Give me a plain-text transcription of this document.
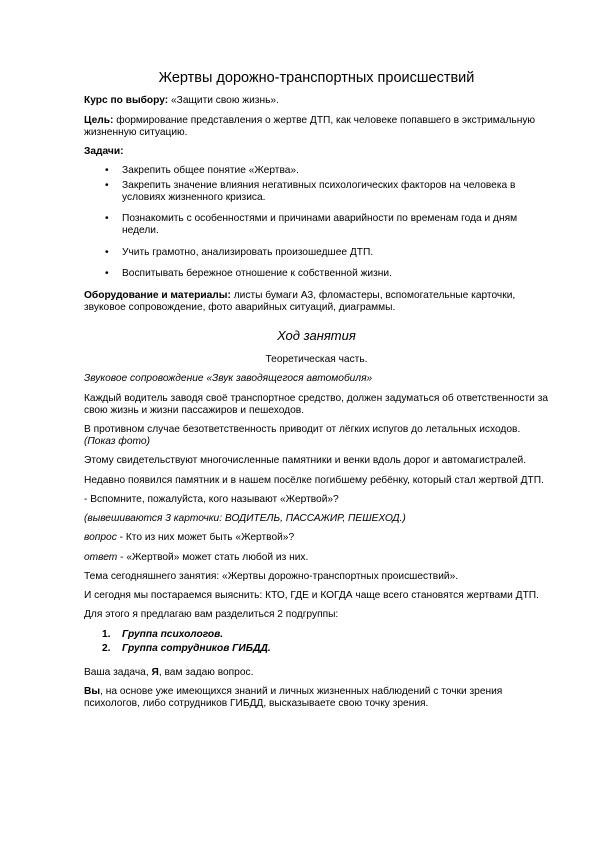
Жертвы дорожно-транспортных происшествий

Курс по выбору: «Защити свою жизнь».

Цель: формирование представления о жертве ДТП, как человеке попавшего в экстримальную жизненную ситуацию.

Задачи:

• Закрепить общее понятие «Жертва».
• Закрепить значение влияния негативных психологических факторов на человека в условиях жизненного кризиса.
• Познакомить с особенностями и причинами аварийности по временам года и дням недели.
• Учить грамотно, анализировать произошедшее ДТП.
• Воспитывать бережное отношение к собственной жизни.

Оборудование и материалы: листы бумаги А3, фломастеры, вспомогательные карточки, звуковое сопровождение, фото аварийных ситуаций, диаграммы.

Ход занятия

Теоретическая часть.

Звуковое сопровождение «Звук заводящегося автомобиля»

Каждый водитель заводя своё транспортное средство, должен задуматься об ответственности за свою жизнь и жизни пассажиров и пешеходов.

В противном случае безответственность приводит от лёгких испугов до летальных исходов. (Показ фото)

Этому свидетельствуют многочисленные памятники и венки вдоль дорог и автомагистралей.

Недавно появился памятник и в нашем посёлке погибшему ребёнку, который стал жертвой ДТП.

- Вспомните, пожалуйста, кого называют «Жертвой»?

(вывешиваются 3 карточки: ВОДИТЕЛЬ, ПАССАЖИР, ПЕШЕХОД.)

вопрос - Кто из них может быть «Жертвой»?

ответ - «Жертвой» может стать любой из них.

Тема сегодняшнего занятия: «Жертвы дорожно-транспортных происшествий».

И сегодня мы постараемся выяснить: КТО, ГДЕ и КОГДА чаще всего становятся жертвами ДТП.

Для этого я предлагаю вам разделиться 2 подгруппы:

1. Группа психологов.
2. Группа сотрудников ГИБДД.

Ваша задача, Я, вам задаю вопрос.

Вы, на основе уже имеющихся знаний и личных жизненных наблюдений с точки зрения психологов, либо сотрудников ГИБДД, высказываете свою точку зрения.
